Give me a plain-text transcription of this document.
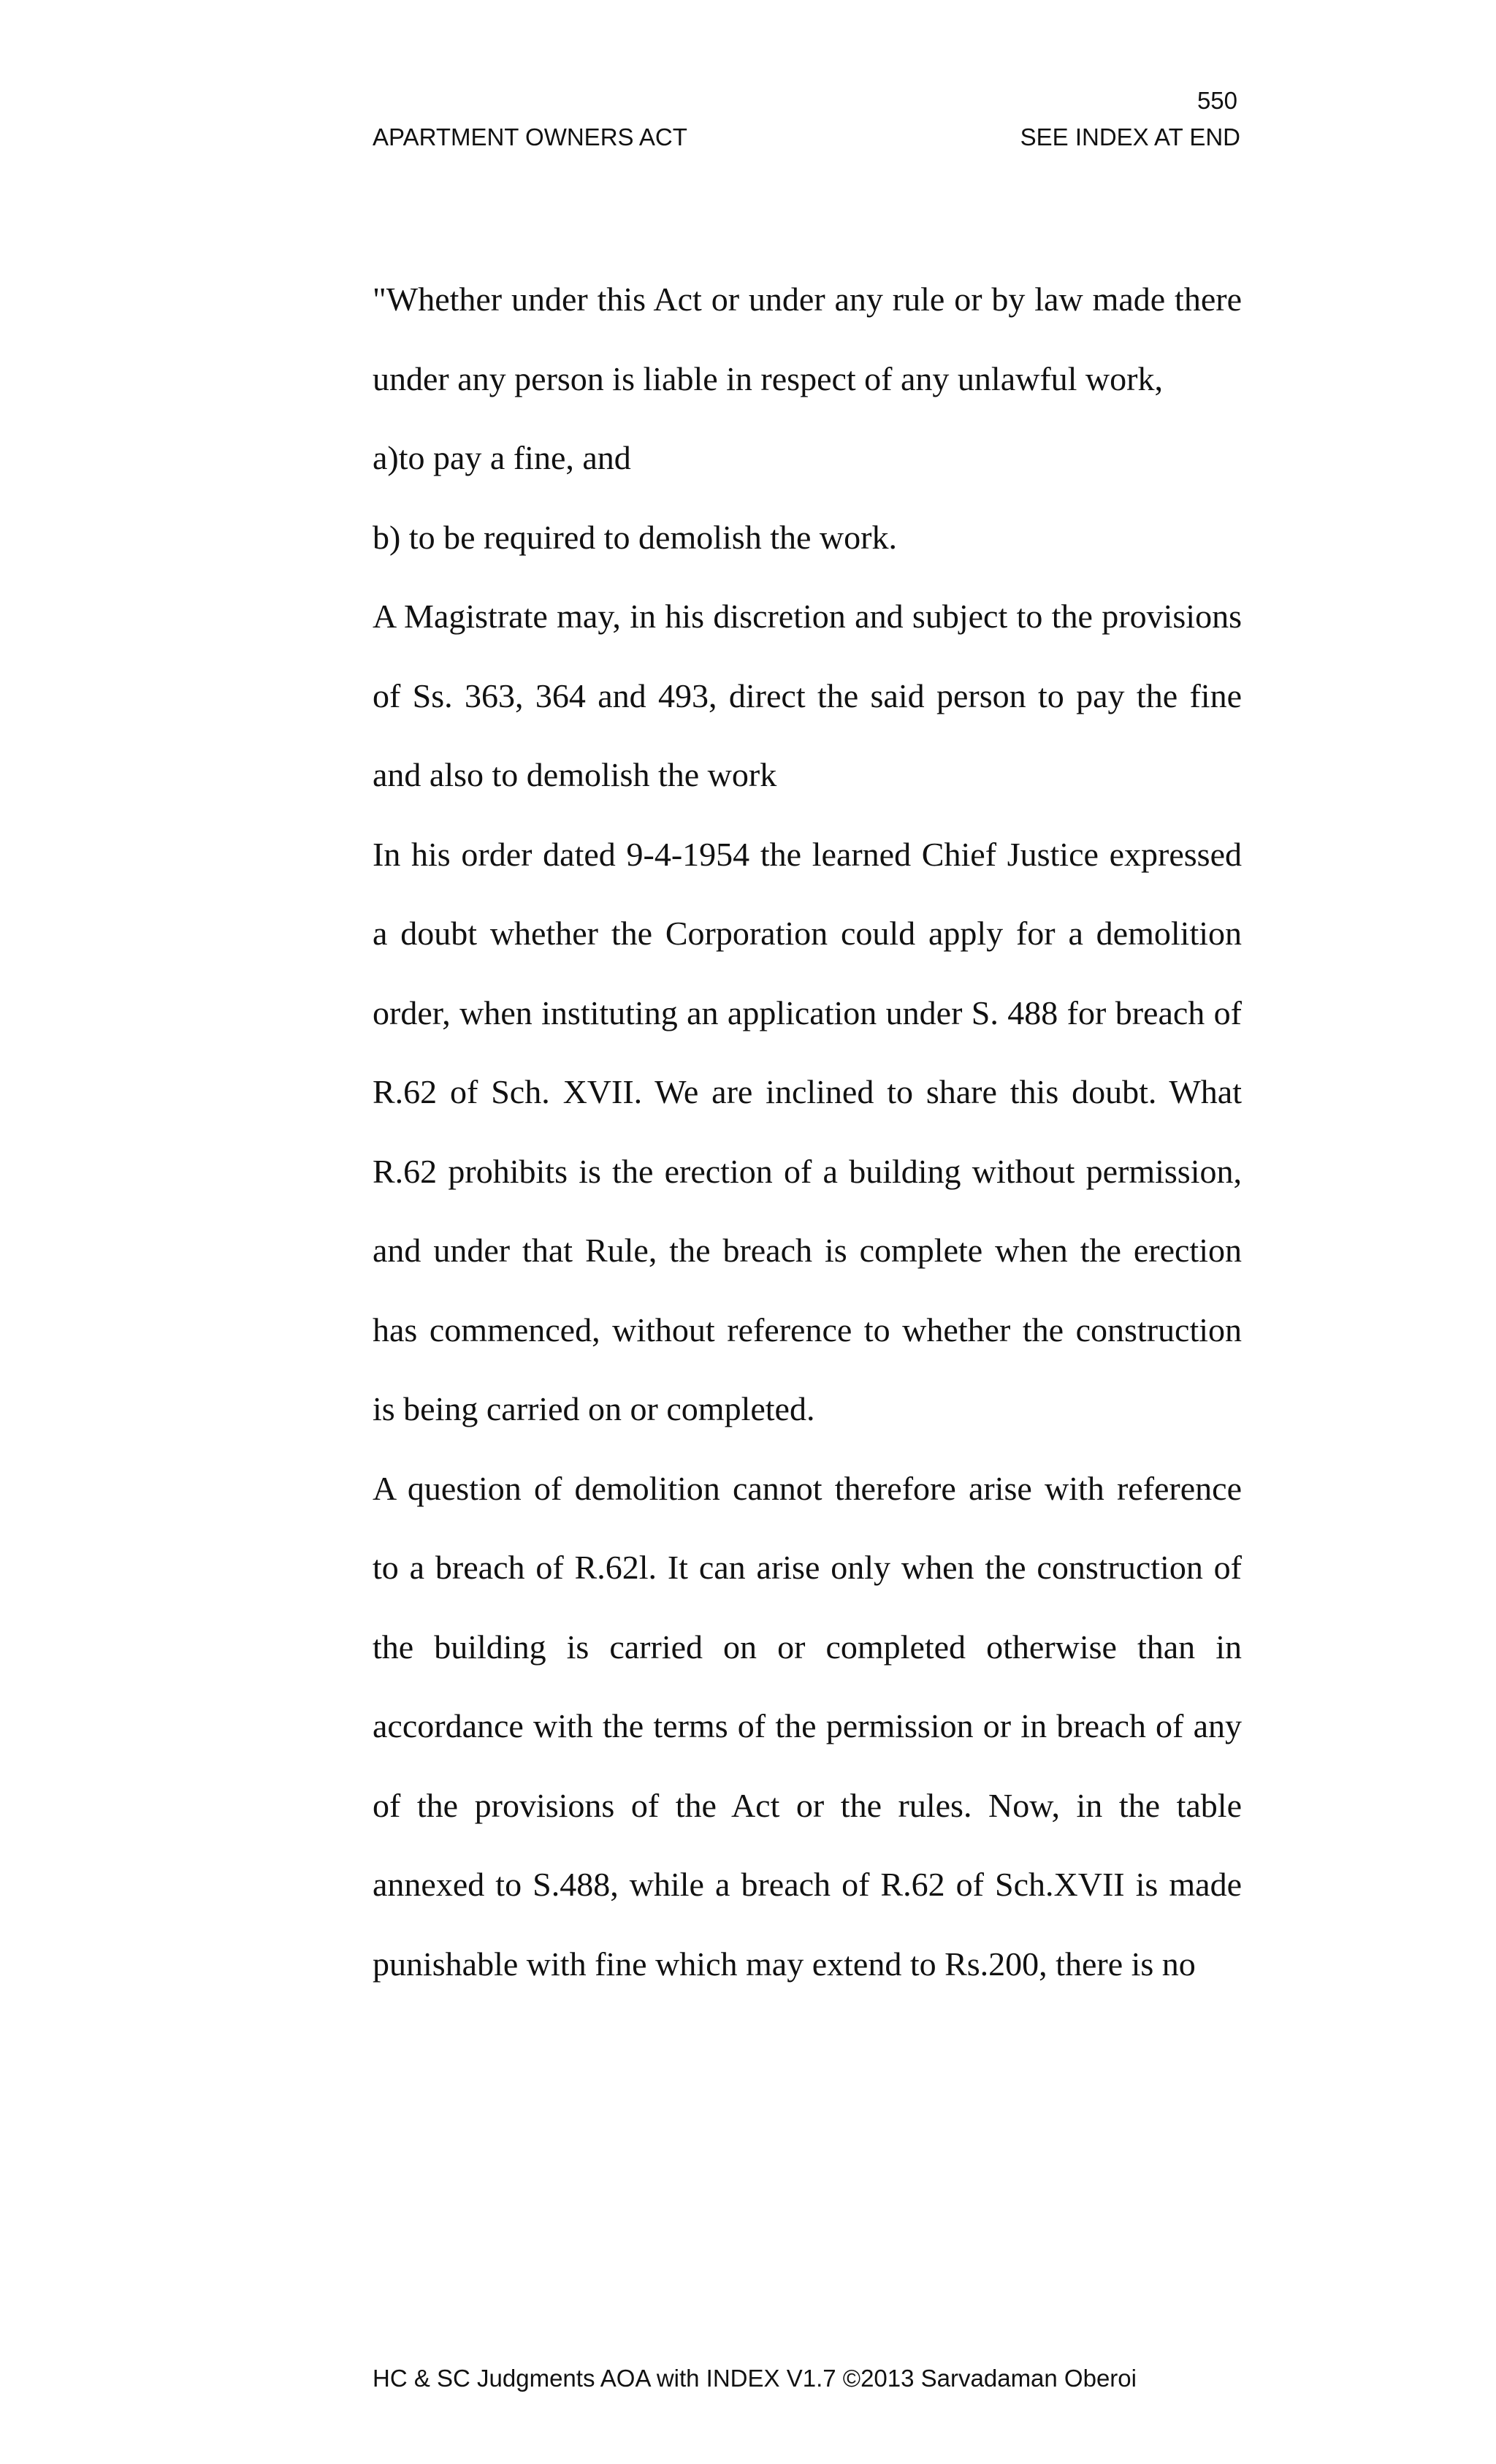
550
APARTMENT OWNERS ACT	SEE INDEX AT END

"Whether under this Act or under any rule or by law made there under any person is liable in respect of any unlawful work,

a)to pay a fine, and

b) to be required to demolish the work.

A Magistrate may, in his discretion and subject to the provisions of Ss. 363, 364 and 493, direct the said person to pay the fine and also to demolish the work

In his order dated 9-4-1954 the learned Chief Justice expressed a doubt whether the Corporation could apply for a demolition order, when instituting an application under S. 488 for breach of R.62 of Sch. XVII. We are inclined to share this doubt. What R.62 prohibits is the erection of a building without permission, and under that Rule, the breach is complete when the erection has commenced, without reference to whether the construction is being carried on or completed.

A question of demolition cannot therefore arise with reference to a breach of R.62l. It can arise only when the construction of the building is carried on or completed otherwise than in accordance with the terms of the permission or in breach of any of the provisions of the Act or the rules. Now, in the table annexed to S.488, while a breach of R.62 of Sch.XVII is made punishable with fine which may extend to Rs.200, there is no

HC & SC Judgments AOA with INDEX V1.7 ©2013 Sarvadaman Oberoi
